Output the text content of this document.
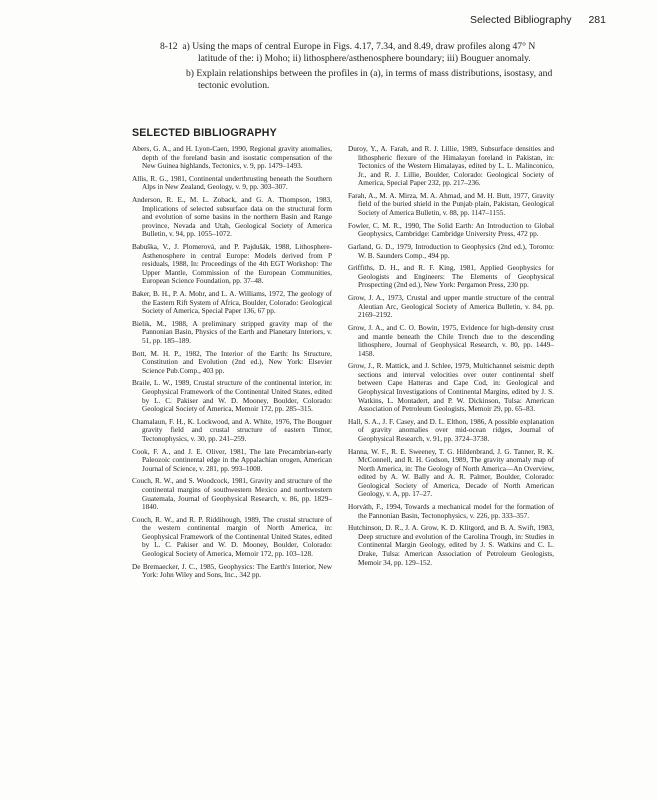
Selected Bibliography 281

8-12 a) Using the maps of central Europe in Figs. 4.17, 7.34, and 8.49, draw profiles along 47° N latitude of the: i) Moho; ii) lithosphere/asthenosphere boundary; iii) Bouguer anomaly.

b) Explain relationships between the profiles in (a), in terms of mass distributions, isostasy, and tectonic evolution.

SELECTED BIBLIOGRAPHY

Abers, G. A., and H. Lyon-Caen, 1990, Regional gravity anomalies, depth of the foreland basin and isostatic compensation of the New Guinea highlands, Tectonics, v. 9, pp. 1479–1493.

Allis, R. G., 1981, Continental underthrusting beneath the Southern Alps in New Zealand, Geology, v. 9, pp. 303–307.

Anderson, R. E., M. L. Zoback, and G. A. Thompson, 1983, Implications of selected subsurface data on the structural form and evolution of some basins in the northern Basin and Range province, Nevada and Utah, Geological Society of America Bulletin, v. 94, pp. 1055–1072.

Babuška, V., J. Plomerová, and P. Pajdušák, 1988, Lithosphere-Asthenosphere in central Europe: Models derived from P residuals, 1988, In: Proceedings of the 4th EGT Workshop: The Upper Mantle, Commission of the European Communities, European Science Foundation, pp. 37–48.

Baker, B. H., P. A. Mohr, and L. A. Williams, 1972, The geology of the Eastern Rift System of Africa, Boulder, Colorado: Geological Society of America, Special Paper 136, 67 pp.

Bielik, M., 1988, A preliminary stripped gravity map of the Pannonian Basin, Physics of the Earth and Planetary Interiors, v. 51, pp. 185–189.

Bott, M. H. P., 1982, The Interior of the Earth: Its Structure, Constitution and Evolution (2nd ed.), New York: Elsevier Science Pub.Comp., 403 pp.

Braile, L. W., 1989, Crustal structure of the continental interior, in: Geophysical Framework of the Continental United States, edited by L. C. Pakiser and W. D. Mooney, Boulder, Colorado: Geological Society of America, Memoir 172, pp. 285–315.

Chamalaun, F. H., K. Lockwood, and A. White, 1976, The Bouguer gravity field and crustal structure of eastern Timor, Tectonophysics, v. 30, pp. 241–259.

Cook, F. A., and J. E. Oliver, 1981, The late Precambrian-early Paleozoic continental edge in the Appalachian orogen, American Journal of Science, v. 281, pp. 993–1008.

Couch, R. W., and S. Woodcock, 1981, Gravity and structure of the continental margins of southwestern Mexico and northwestern Guatemala, Journal of Geophysical Research, v. 86, pp. 1829–1840.

Couch, R. W., and R. P. Riddihough, 1989, The crustal structure of the western continental margin of North America, in: Geophysical Framework of the Continental United States, edited by L. C. Pakiser and W. D. Mooney, Boulder, Colorado: Geological Society of America, Memoir 172, pp. 103–128.

De Bremaecker, J. C., 1985, Geophysics: The Earth's Interior, New York: John Wiley and Sons, Inc., 342 pp.

Duroy, Y., A. Farah, and R. J. Lillie, 1989, Subsurface densities and lithospheric flexure of the Himalayan foreland in Pakistan, in: Tectonics of the Western Himalayas, edited by L. L. Malinconico, Jr., and R. J. Lillie, Boulder, Colorado: Geological Society of America, Special Paper 232, pp. 217–236.

Farah, A., M. A. Mirza, M. A. Ahmad, and M. H. Butt, 1977, Gravity field of the buried shield in the Punjab plain, Pakistan, Geological Society of America Bulletin, v. 88, pp. 1147–1155.

Fowler, C. M. R., 1990, The Solid Earth: An Introduction to Global Geophysics, Cambridge: Cambridge University Press, 472 pp.

Garland, G. D., 1979, Introduction to Geophysics (2nd ed.), Toronto: W. B. Saunders Comp., 494 pp.

Griffiths, D. H., and R. F. King, 1981, Applied Geophysics for Geologists and Engineers: The Elements of Geophysical Prospecting (2nd ed.), New York: Pergamon Press, 230 pp.

Grow, J. A., 1973, Crustal and upper mantle structure of the central Aleutian Arc, Geological Society of America Bulletin, v. 84, pp. 2169–2192.

Grow, J. A., and C. O. Bowin, 1975, Evidence for high-density crust and mantle beneath the Chile Trench due to the descending lithosphere, Journal of Geophysical Research, v. 80, pp. 1449–1458.

Grow, J., R. Mattick, and J. Schlee, 1979, Multichannel seismic depth sections and interval velocities over outer continental shelf between Cape Hatteras and Cape Cod, in: Geological and Geophysical Investigations of Continental Margins, edited by J. S. Watkins, L. Montadert, and P. W. Dickinson, Tulsa: American Association of Petroleum Geologists, Memoir 29, pp. 65–83.

Hall, S. A., J. F. Casey, and D. L. Elthon, 1986, A possible explanation of gravity anomalies over mid-ocean ridges, Journal of Geophysical Research, v. 91, pp. 3724–3738.

Hanna, W. F., R. E. Sweeney, T. G. Hildenbrand, J. G. Tanner, R. K. McConnell, and R. H. Godson, 1989, The gravity anomaly map of North America, in: The Geology of North America—An Overview, edited by A. W. Bally and A. R. Palmer, Boulder, Colorado: Geological Society of America, Decade of North American Geology, v. A, pp. 17–27.

Horváth, F., 1994, Towards a mechanical model for the formation of the Pannonian Basin, Tectonophysics, v. 226, pp. 333–357.

Hutchinson, D. R., J. A. Grow, K. D. Klitgord, and B. A. Swift, 1983, Deep structure and evolution of the Carolina Trough, in: Studies in Continental Margin Geology, edited by J. S. Watkins and C. L. Drake, Tulsa: American Association of Petroleum Geologists, Memoir 34, pp. 129–152.
